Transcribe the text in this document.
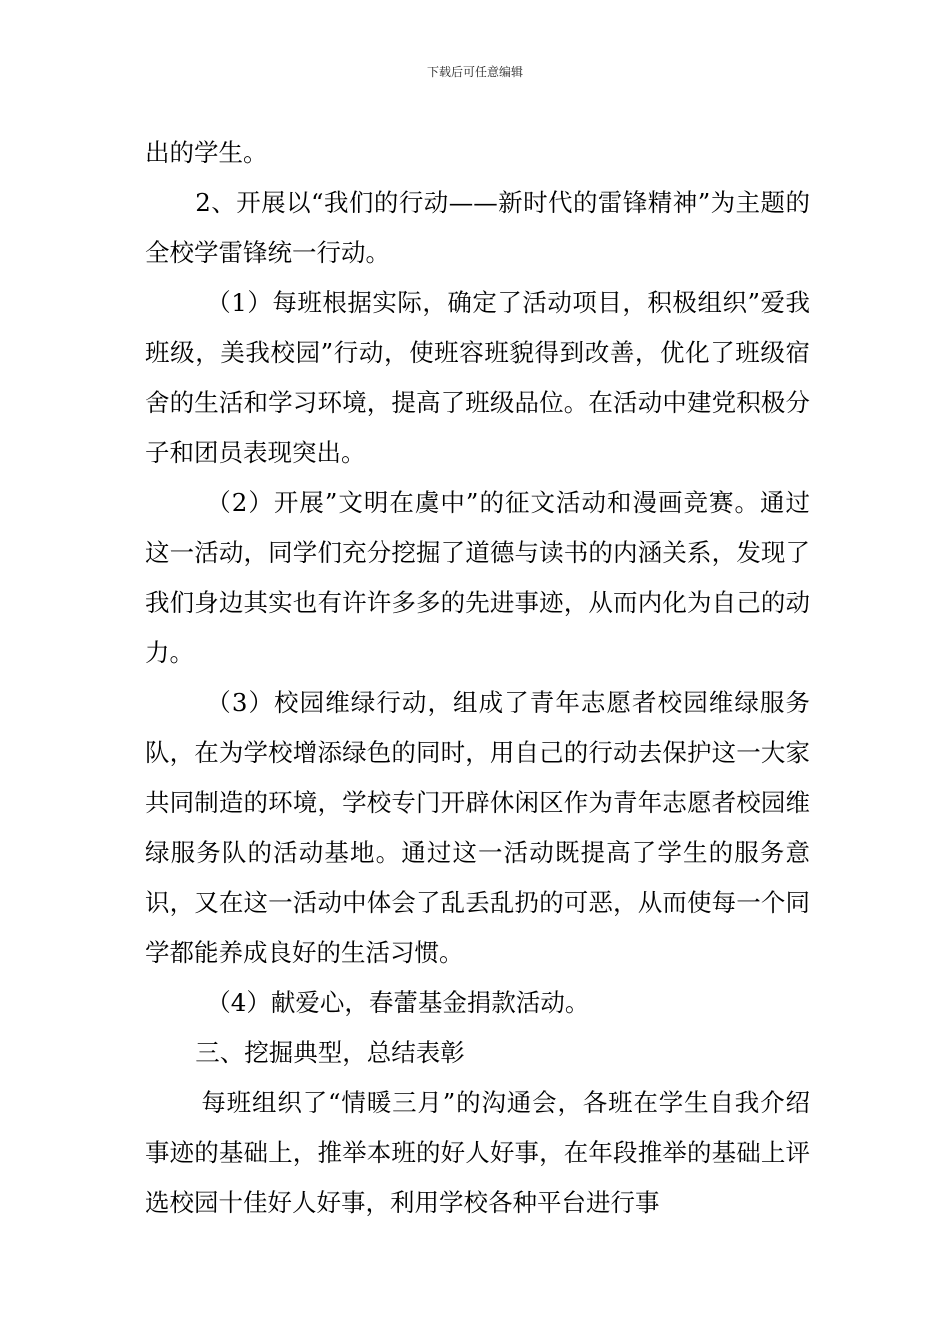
下载后可任意编辑

出的学生。

2、开展以“我们的行动——新时代的雷锋精神”为主题的全校学雷锋统一行动。

（1）每班根据实际，确定了活动项目，积极组织”爱我班级，美我校园”行动，使班容班貌得到改善，优化了班级宿舍的生活和学习环境，提高了班级品位。在活动中建党积极分子和团员表现突出。

（2）开展”文明在虞中”的征文活动和漫画竞赛。通过这一活动，同学们充分挖掘了道德与读书的内涵关系，发现了我们身边其实也有许许多多的先进事迹，从而内化为自己的动力。

（3）校园维绿行动，组成了青年志愿者校园维绿服务队，在为学校增添绿色的同时，用自己的行动去保护这一大家共同制造的环境，学校专门开辟休闲区作为青年志愿者校园维绿服务队的活动基地。通过这一活动既提高了学生的服务意识，又在这一活动中体会了乱丢乱扔的可恶，从而使每一个同学都能养成良好的生活习惯。

（4）献爱心，春蕾基金捐款活动。

三、挖掘典型，总结表彰

每班组织了“情暖三月”的沟通会，各班在学生自我介绍事迹的基础上，推举本班的好人好事，在年段推举的基础上评选校园十佳好人好事，利用学校各种平台进行事
